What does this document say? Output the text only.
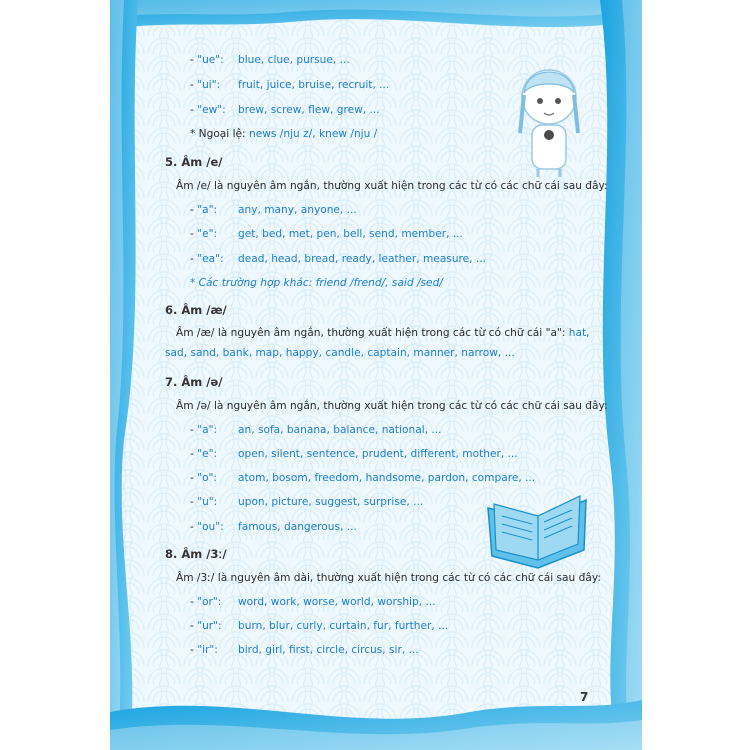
- "ue": blue, clue, pursue, ...
- "ui": fruit, juice, bruise, recruit, ...
- "ew": brew, screw, flew, grew, ...
* Ngoại lệ: news /nju z/, knew /nju /
5. Âm /e/
Âm /e/ là nguyên âm ngắn, thường xuất hiện trong các từ có các chữ cái sau đây:
- "a": any, many, anyone, ...
- "e": get, bed, met, pen, bell, send, member, ...
- "ea": dead, head, bread, ready, leather, measure, ...
* Các trường hợp khác: friend /frend/, said /sed/
6. Âm /æ/
Âm /æ/ là nguyên âm ngắn, thường xuất hiện trong các từ có chữ cái "a": hat,
sad, sand, bank, map, happy, candle, captain, manner, narrow, ...
7. Âm /ə/
Âm /ə/ là nguyên âm ngắn, thường xuất hiện trong các từ có các chữ cái sau đây:
- "a": an, sofa, banana, balance, national, ...
- "e": open, silent, sentence, prudent, different, mother, ...
- "o": atom, bosom, freedom, handsome, pardon, compare, ...
- "u": upon, picture, suggest, surprise, ...
- "ou": famous, dangerous, ...
8. Âm /3ː/
Âm /3ː/ là nguyên âm dài, thường xuất hiện trong các từ có các chữ cái sau đây:
- "or": word, work, worse, world, worship, ...
- "ur": burn, blur, curly, curtain, fur, further, ...
- "ir": bird, girl, first, circle, circus, sir, ...
7
